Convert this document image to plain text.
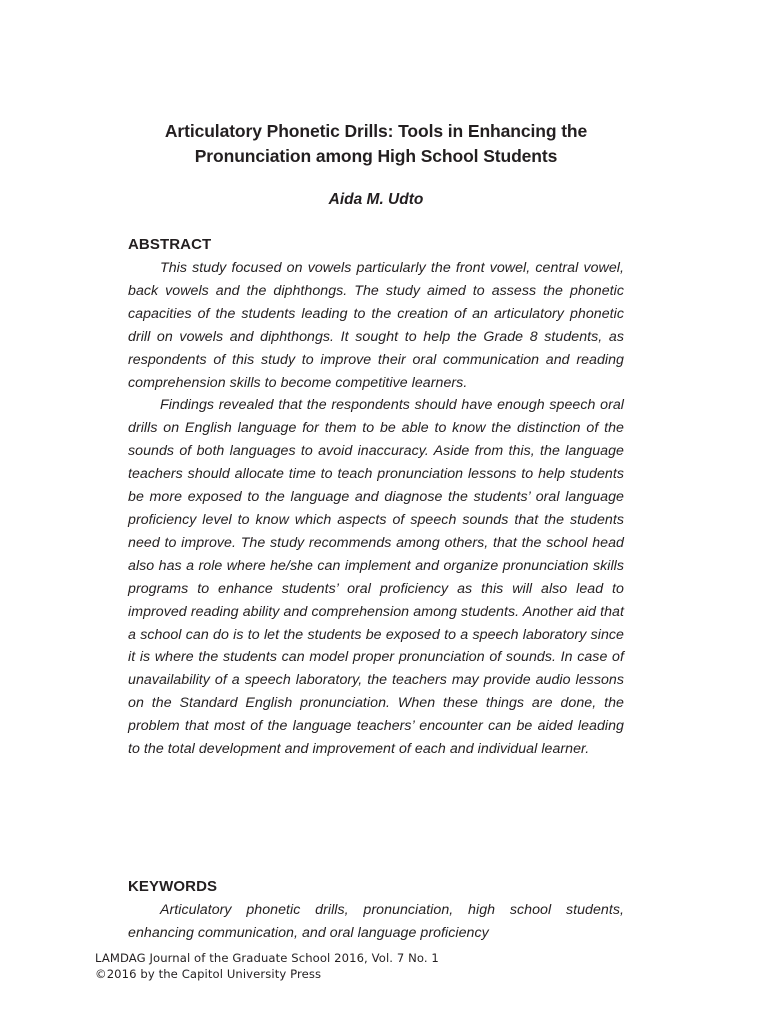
Articulatory Phonetic Drills: Tools in Enhancing the
Pronunciation among High School Students
Aida M. Udto
ABSTRACT

This study focused on vowels particularly the front vowel, central vowel, back vowels and the diphthongs. The study aimed to assess the phonetic capacities of the students leading to the creation of an articulatory phonetic drill on vowels and diphthongs. It sought to help the Grade 8 students, as respondents of this study to improve their oral communication and reading comprehension skills to become competitive learners.

Findings revealed that the respondents should have enough speech oral drills on English language for them to be able to know the distinction of the sounds of both languages to avoid inaccuracy. Aside from this, the language teachers should allocate time to teach pronunciation lessons to help students be more exposed to the language and diagnose the students’ oral language proficiency level to know which aspects of speech sounds that the students need to improve. The study recommends among others, that the school head also has a role where he/she can implement and organize pronunciation skills programs to enhance students’ oral proficiency as this will also lead to improved reading ability and comprehension among students. Another aid that a school can do is to let the students be exposed to a speech laboratory since it is where the students can model proper pronunciation of sounds. In case of unavailability of a speech laboratory, the teachers may provide audio lessons on the Standard English pronunciation. When these things are done, the problem that most of the language teachers’ encounter can be aided leading to the total development and improvement of each and individual learner.

KEYWORDS

Articulatory phonetic drills, pronunciation, high school students, enhancing communication, and oral language proficiency

LAMDAG Journal of the Graduate School 2016, Vol. 7 No. 1
©2016 by the Capitol University Press
